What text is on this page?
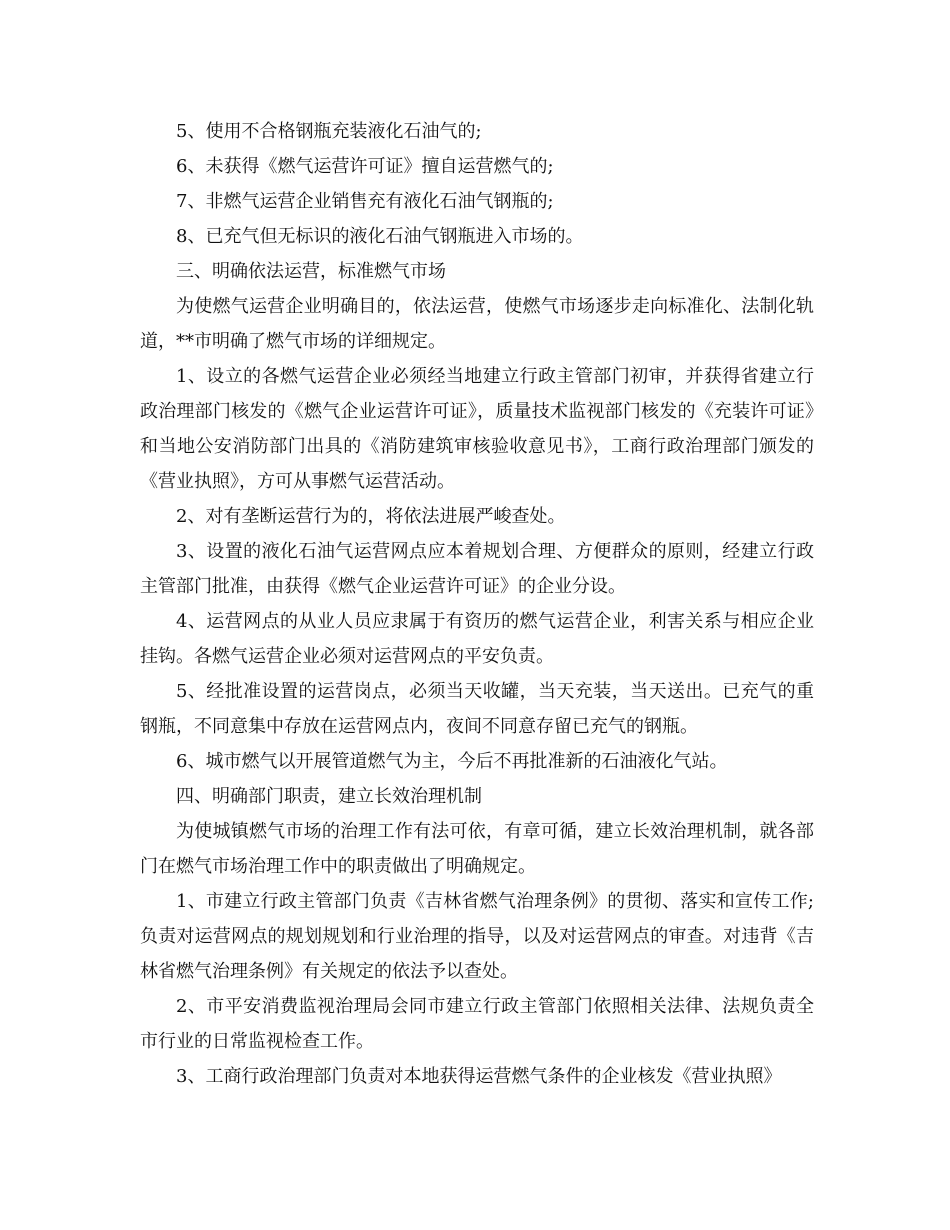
5、使用不合格钢瓶充装液化石油气的;

6、未获得《燃气运营许可证》擅自运营燃气的;

7、非燃气运营企业销售充有液化石油气钢瓶的;

8、已充气但无标识的液化石油气钢瓶进入市场的。

三、明确依法运营，标准燃气市场

为使燃气运营企业明确目的，依法运营，使燃气市场逐步走向标准化、法制化轨道，**市明确了燃气市场的详细规定。

1、设立的各燃气运营企业必须经当地建立行政主管部门初审，并获得省建立行政治理部门核发的《燃气企业运营许可证》，质量技术监视部门核发的《充装许可证》和当地公安消防部门出具的《消防建筑审核验收意见书》，工商行政治理部门颁发的《营业执照》，方可从事燃气运营活动。

2、对有垄断运营行为的，将依法进展严峻查处。

3、设置的液化石油气运营网点应本着规划合理、方便群众的原则，经建立行政主管部门批准，由获得《燃气企业运营许可证》的企业分设。

4、运营网点的从业人员应隶属于有资历的燃气运营企业，利害关系与相应企业挂钩。各燃气运营企业必须对运营网点的平安负责。

5、经批准设置的运营岗点，必须当天收罐，当天充装，当天送出。已充气的重钢瓶，不同意集中存放在运营网点内，夜间不同意存留已充气的钢瓶。

6、城市燃气以开展管道燃气为主，今后不再批准新的石油液化气站。

四、明确部门职责，建立长效治理机制

为使城镇燃气市场的治理工作有法可依，有章可循，建立长效治理机制，就各部门在燃气市场治理工作中的职责做出了明确规定。

1、市建立行政主管部门负责《吉林省燃气治理条例》的贯彻、落实和宣传工作;负责对运营网点的规划规划和行业治理的指导，以及对运营网点的审查。对违背《吉林省燃气治理条例》有关规定的依法予以查处。

2、市平安消费监视治理局会同市建立行政主管部门依照相关法律、法规负责全市行业的日常监视检查工作。

3、工商行政治理部门负责对本地获得运营燃气条件的企业核发《营业执照》
